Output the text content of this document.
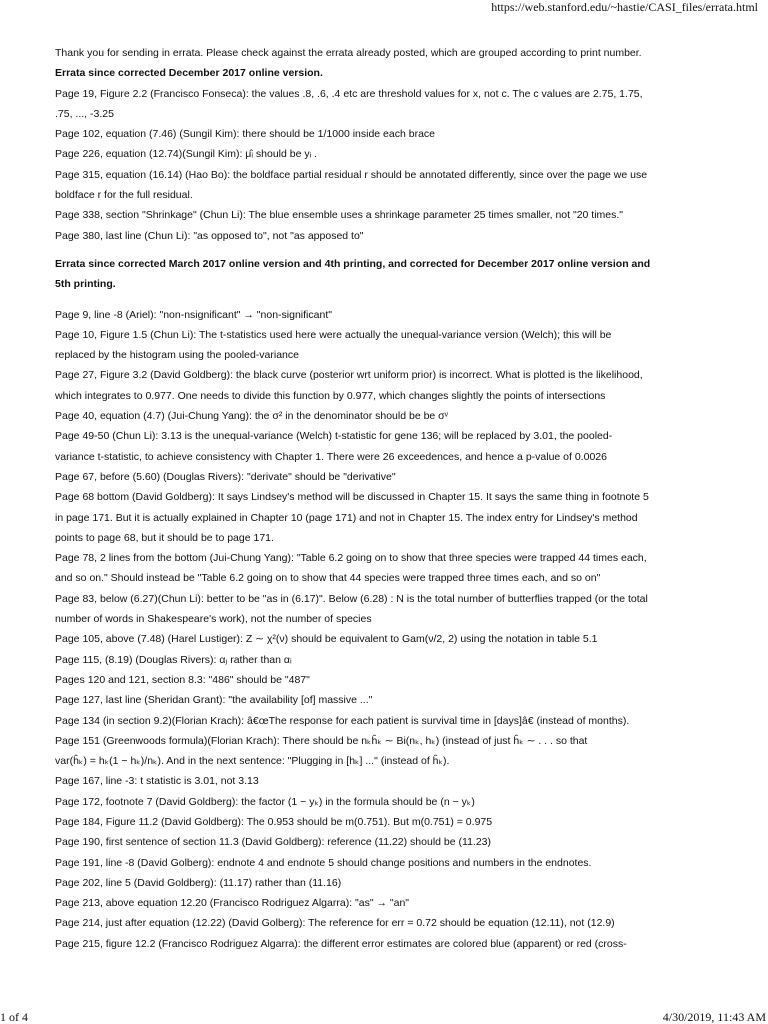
https://web.stanford.edu/~hastie/CASI_files/errata.html

Thank you for sending in errata. Please check against the errata already posted, which are grouped according to print number.

Errata since corrected December 2017 online version.

Page 19, Figure 2.2 (Francisco Fonseca): the values .8, .6, .4 etc are threshold values for x, not c. The c values are 2.75, 1.75,

.75, ..., -3.25

Page 102, equation (7.46) (Sungil Kim): there should be 1/1000 inside each brace

Page 226, equation (12.74)(Sungil Kim): μ̂ᵢ should be yᵢ .

Page 315, equation (16.14) (Hao Bo): the boldface partial residual r should be annotated differently, since over the page we use

boldface r for the full residual.

Page 338, section "Shrinkage" (Chun Li): The blue ensemble uses a shrinkage parameter 25 times smaller, not "20 times."

Page 380, last line (Chun Li): "as opposed to", not "as apposed to"

Errata since corrected March 2017 online version and 4th printing, and corrected for December 2017 online version and
5th printing.

Page 9, line -8 (Ariel): "non-nsignificant" → "non-significant"

Page 10, Figure 1.5 (Chun Li): The t-statistics used here were actually the unequal-variance version (Welch); this will be

replaced by the histogram using the pooled-variance

Page 27, Figure 3.2 (David Goldberg): the black curve (posterior wrt uniform prior) is incorrect. What is plotted is the likelihood,

which integrates to 0.977. One needs to divide this function by 0.977, which changes slightly the points of intersections

Page 40, equation (4.7) (Jui-Chung Yang): the σ² in the denominator should be be σᵛ

Page 49-50 (Chun Li): 3.13 is the unequal-variance (Welch) t-statistic for gene 136; will be replaced by 3.01, the pooled-

variance t-statistic, to achieve consistency with Chapter 1. There were 26 exceedences, and hence a p-value of 0.0026

Page 67, before (5.60) (Douglas Rivers): "derivate" should be "derivative"

Page 68 bottom (David Goldberg): It says Lindsey's method will be discussed in Chapter 15. It says the same thing in footnote 5

in page 171. But it is actually explained in Chapter 10 (page 171) and not in Chapter 15. The index entry for Lindsey's method

points to page 68, but it should be to page 171.

Page 78, 2 lines from the bottom (Jui-Chung Yang): "Table 6.2 going on to show that three species were trapped 44 times each,

and so on." Should instead be "Table 6.2 going on to show that 44 species were trapped three times each, and so on"

Page 83, below (6.27)(Chun Li): better to be "as in (6.17)". Below (6.28) : N is the total number of butterflies trapped (or the total

number of words in Shakespeare's work), not the number of species

Page 105, above (7.48) (Harel Lustiger): Z ∼ χ²(ν) should be equivalent to Gam(ν/2, 2) using the notation in table 5.1

Page 115, (8.19) (Douglas Rivers): αⱼ rather than αᵢ

Pages 120 and 121, section 8.3: "486" should be "487"

Page 127, last line (Sheridan Grant): "the availability [of] massive ..."

Page 134 (in section 9.2)(Florian Krach): â€œThe response for each patient is survival time in [days]â€ (instead of months).

Page 151 (Greenwoods formula)(Florian Krach): There should be nₖĥₖ ∼ Bi(nₖ, hₖ) (instead of just ĥₖ ∼ . . . so that

var(ĥₖ) = hₖ(1 − hₖ)/nₖ). And in the next sentence: "Plugging in [hₖ] ..." (instead of ĥₖ).

Page 167, line -3: t statistic is 3.01, not 3.13

Page 172, footnote 7 (David Goldberg): the factor (1 − yₖ) in the formula should be (n − yₖ)

Page 184, Figure 11.2 (David Goldberg): The 0.953 should be m(0.751). But m(0.751) = 0.975

Page 190, first sentence of section 11.3 (David Goldberg): reference (11.22) should be (11.23)

Page 191, line -8 (David Golberg): endnote 4 and endnote 5 should change positions and numbers in the endnotes.

Page 202, line 5 (David Goldberg): (11.17) rather than (11.16)

Page 213, above equation 12.20 (Francisco Rodriguez Algarra): "as" → "an"

Page 214, just after equation (12.22) (David Golberg): The reference for err = 0.72 should be equation (12.11), not (12.9)

Page 215, figure 12.2 (Francisco Rodriguez Algarra): the different error estimates are colored blue (apparent) or red (cross-

1 of 4	4/30/2019, 11:43 AM
